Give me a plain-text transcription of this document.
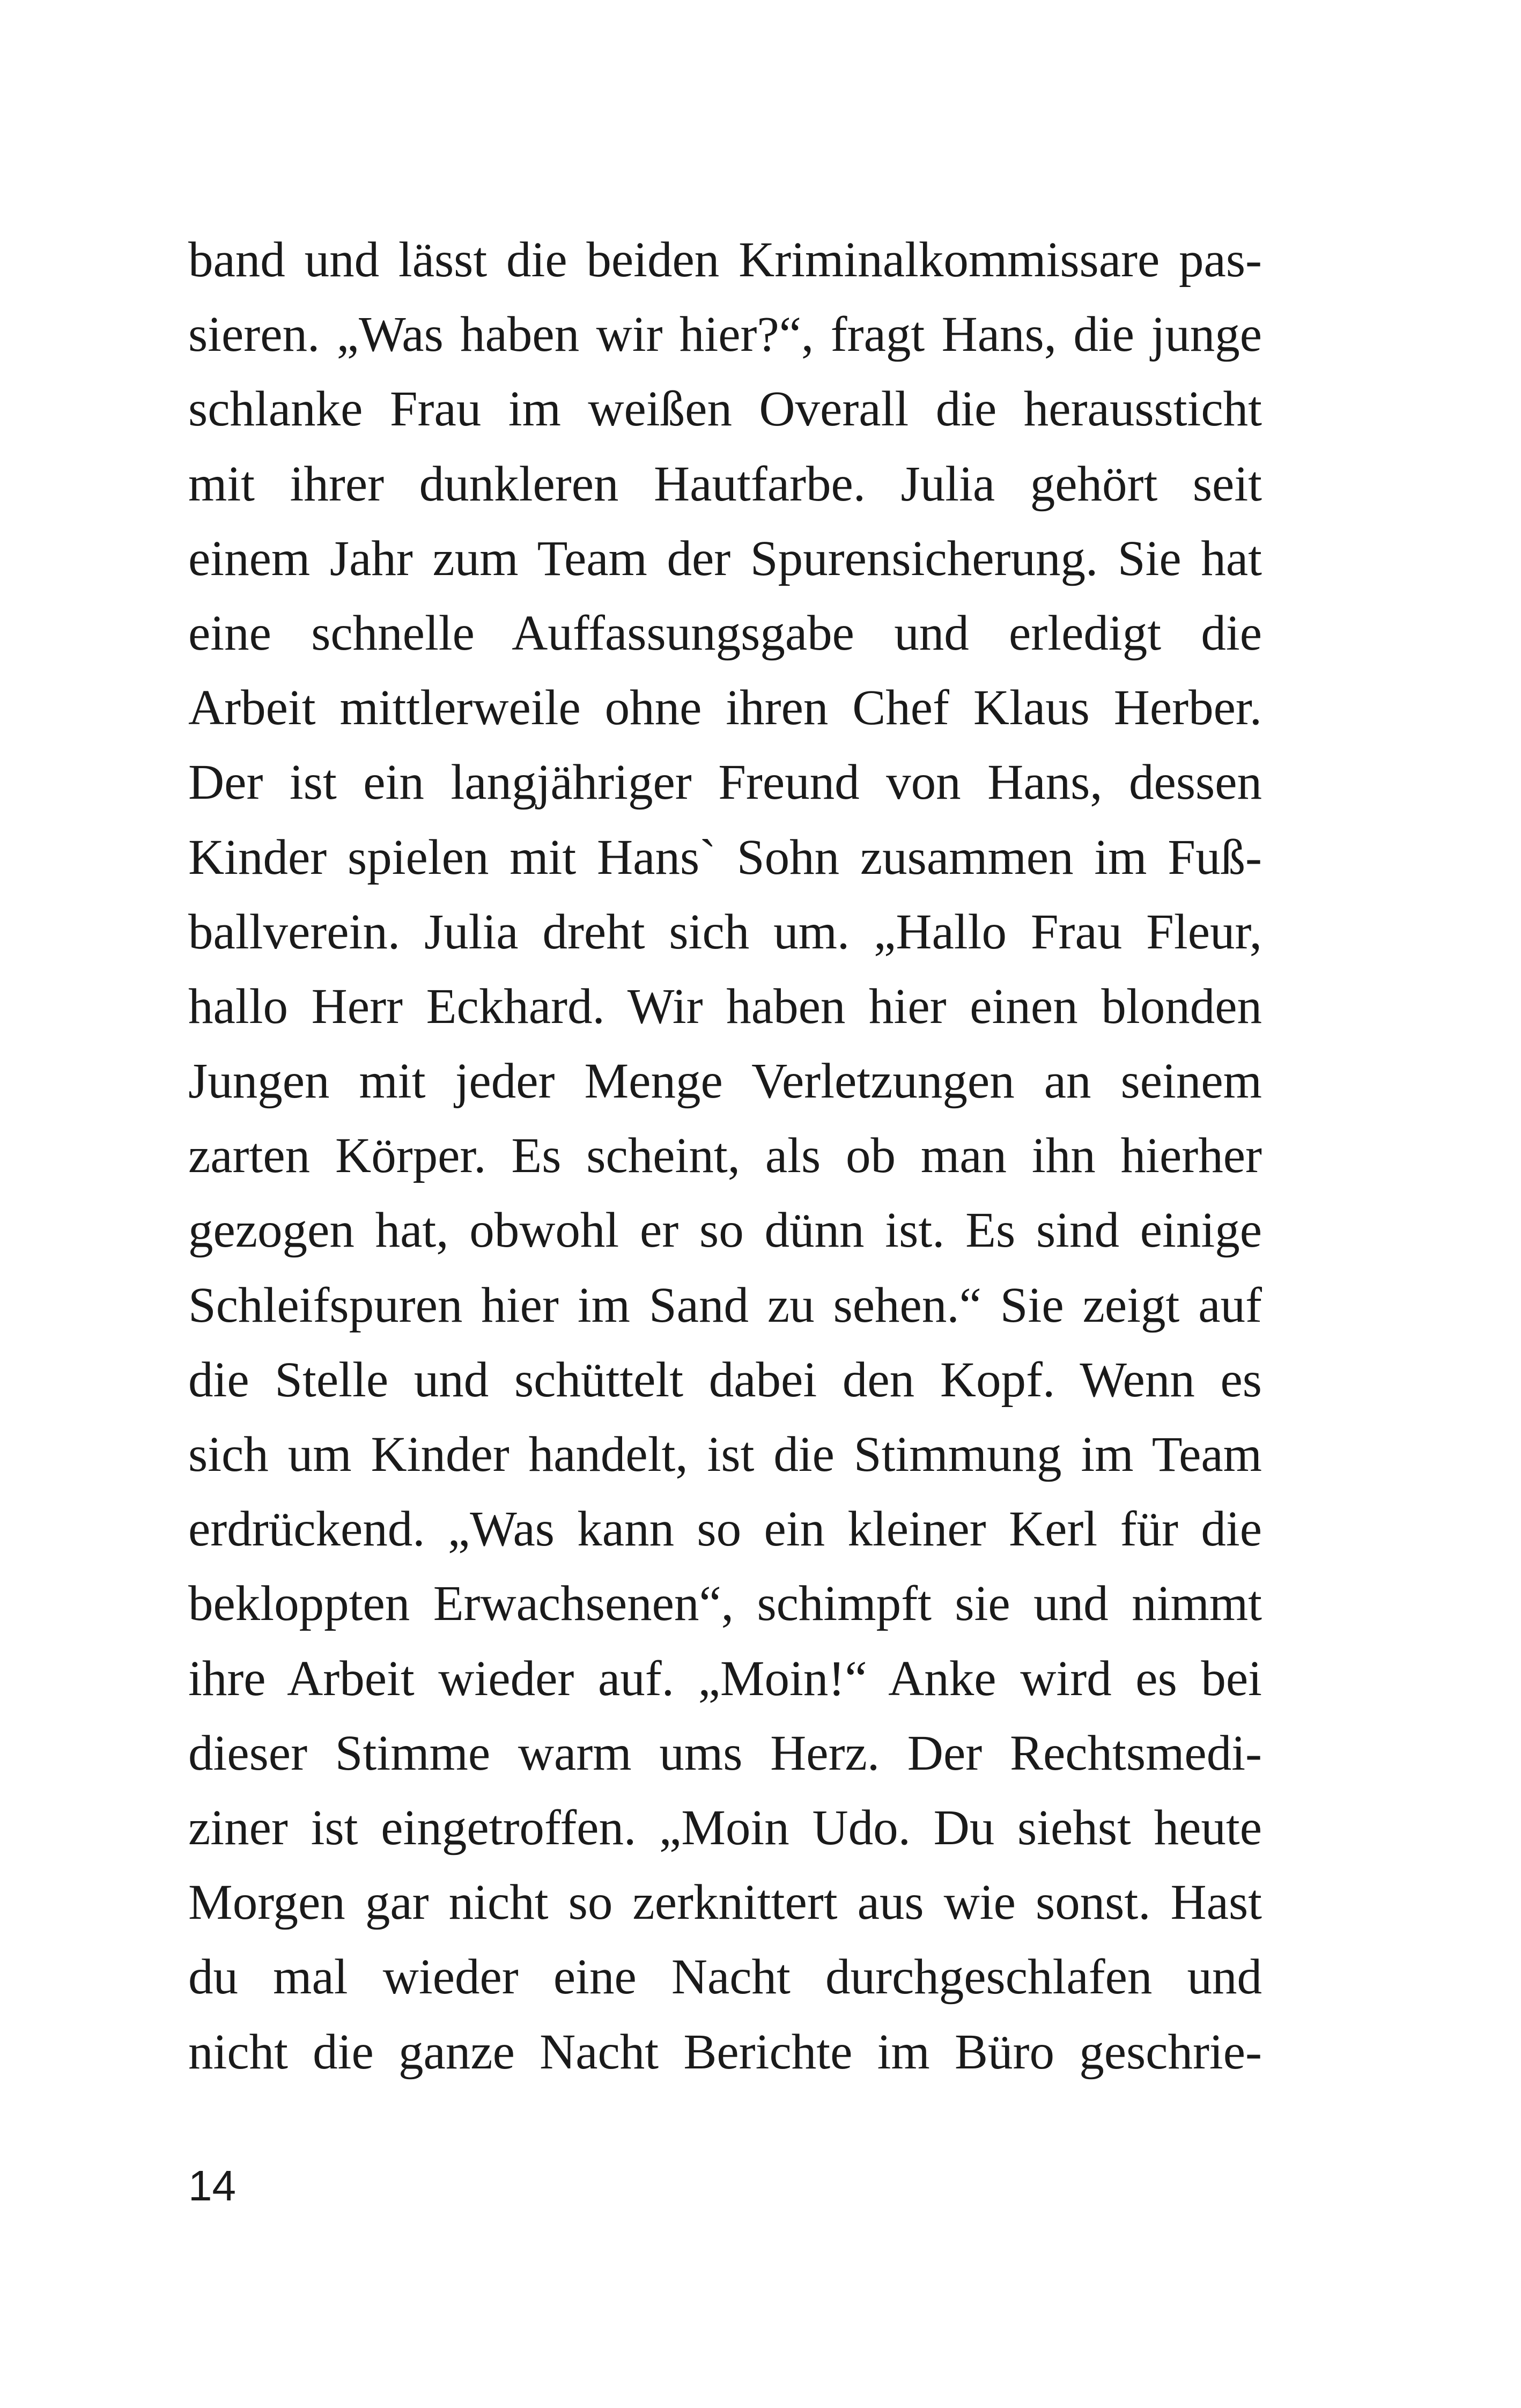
band und lässt die beiden Kriminalkommissare pas-
sieren. „Was haben wir hier?“, fragt Hans, die junge
schlanke Frau im weißen Overall die heraussticht
mit ihrer dunkleren Hautfarbe. Julia gehört seit
einem Jahr zum Team der Spurensicherung. Sie hat
eine schnelle Auffassungsgabe und erledigt die
Arbeit mittlerweile ohne ihren Chef Klaus Herber.
Der ist ein langjähriger Freund von Hans, dessen
Kinder spielen mit Hans` Sohn zusammen im Fuß-
ballverein. Julia dreht sich um. „Hallo Frau Fleur,
hallo Herr Eckhard. Wir haben hier einen blonden
Jungen mit jeder Menge Verletzungen an seinem
zarten Körper. Es scheint, als ob man ihn hierher
gezogen hat, obwohl er so dünn ist. Es sind einige
Schleifspuren hier im Sand zu sehen.“ Sie zeigt auf
die Stelle und schüttelt dabei den Kopf. Wenn es
sich um Kinder handelt, ist die Stimmung im Team
erdrückend. „Was kann so ein kleiner Kerl für die
bekloppten Erwachsenen“, schimpft sie und nimmt
ihre Arbeit wieder auf. „Moin!“ Anke wird es bei
dieser Stimme warm ums Herz. Der Rechtsmedi-
ziner ist eingetroffen. „Moin Udo. Du siehst heute
Morgen gar nicht so zerknittert aus wie sonst. Hast
du mal wieder eine Nacht durchgeschlafen und
nicht die ganze Nacht Berichte im Büro geschrie-
14
